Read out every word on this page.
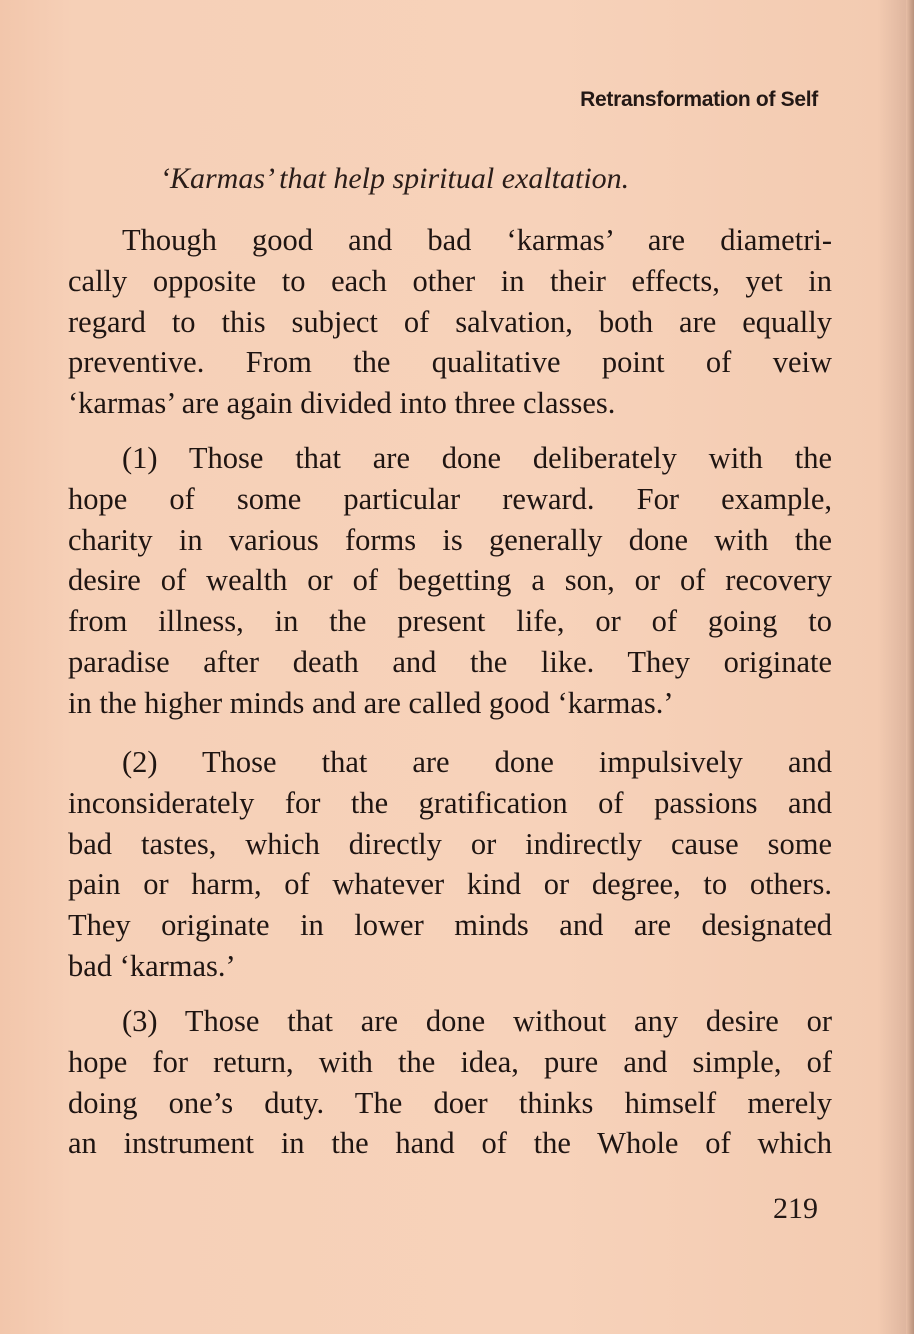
Retransformation of Self
‘Karmas’ that help spiritual exaltation.
Though good and bad ‘karmas’ are diametri-
cally opposite to each other in their effects, yet in
regard to this subject of salvation, both are equally
preventive. From the qualitative point of veiw
‘karmas’ are again divided into three classes.
(1) Those that are done deliberately with the
hope of some particular reward. For example,
charity in various forms is generally done with the
desire of wealth or of begetting a son, or of recovery
from illness, in the present life, or of going to
paradise after death and the like. They originate
in the higher minds and are called good ‘karmas.’
(2) Those that are done impulsively and
inconsiderately for the gratification of passions and
bad tastes, which directly or indirectly cause some
pain or harm, of whatever kind or degree, to others.
They originate in lower minds and are designated
bad ‘karmas.’
(3) Those that are done without any desire or
hope for return, with the idea, pure and simple, of
doing one’s duty. The doer thinks himself merely
an instrument in the hand of the Whole of which
219
